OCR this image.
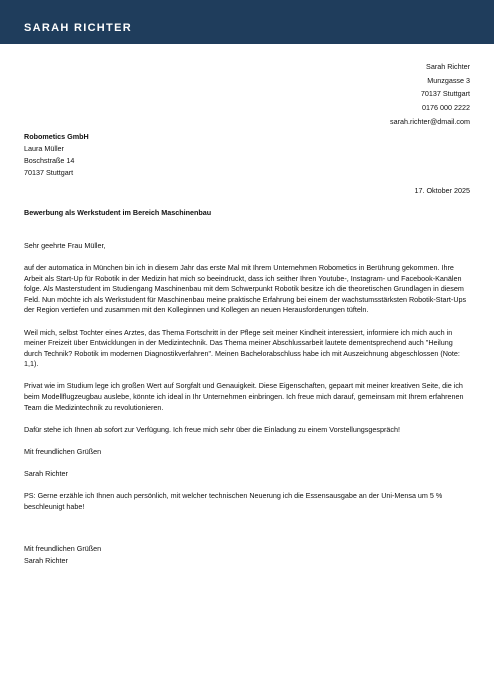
SARAH RICHTER
Sarah Richter
Munzgasse 3
70137 Stuttgart
0176 000 2222
sarah.richter@dmail.com
Robometics GmbH
Laura Müller
Boschstraße 14
70137 Stuttgart
17. Oktober 2025
Bewerbung als Werkstudent im Bereich Maschinenbau

Sehr geehrte Frau Müller,

auf der automatica in München bin ich in diesem Jahr das erste Mal mit Ihrem Unternehmen Robometics in Berührung gekommen. Ihre Arbeit als Start-Up für Robotik in der Medizin hat mich so beeindruckt, dass ich seither Ihren Youtube-, Instagram- und Facebook-Kanälen folge. Als Masterstudent im Studiengang Maschinenbau mit dem Schwerpunkt Robotik besitze ich die theoretischen Grundlagen in diesem Feld. Nun möchte ich als Werkstudent für Maschinenbau meine praktische Erfahrung bei einem der wachstumsstärksten Robotik-Start-Ups der Region vertiefen und zusammen mit den Kolleginnen und Kollegen an neuen Herausforderungen tüfteln.

Weil mich, selbst Tochter eines Arztes, das Thema Fortschritt in der Pflege seit meiner Kindheit interessiert, informiere ich mich auch in meiner Freizeit über Entwicklungen in der Medizintechnik. Das Thema meiner Abschlussarbeit lautete dementsprechend auch "Heilung durch Technik? Robotik im modernen Diagnostikverfahren". Meinen Bachelorabschluss habe ich mit Auszeichnung abgeschlossen (Note: 1,1).

Privat wie im Studium lege ich großen Wert auf Sorgfalt und Genauigkeit. Diese Eigenschaften, gepaart mit meiner kreativen Seite, die ich beim Modellflugzeugbau auslebe, könnte ich ideal in Ihr Unternehmen einbringen. Ich freue mich darauf, gemeinsam mit Ihrem erfahrenen Team die Medizintechnik zu revolutionieren.

Dafür stehe ich Ihnen ab sofort zur Verfügung. Ich freue mich sehr über die Einladung zu einem Vorstellungsgespräch!

Mit freundlichen Grüßen

Sarah Richter

PS: Gerne erzähle ich Ihnen auch persönlich, mit welcher technischen Neuerung ich die Essensausgabe an der Uni-Mensa um 5 % beschleunigt habe!

Mit freundlichen Grüßen
Sarah Richter
